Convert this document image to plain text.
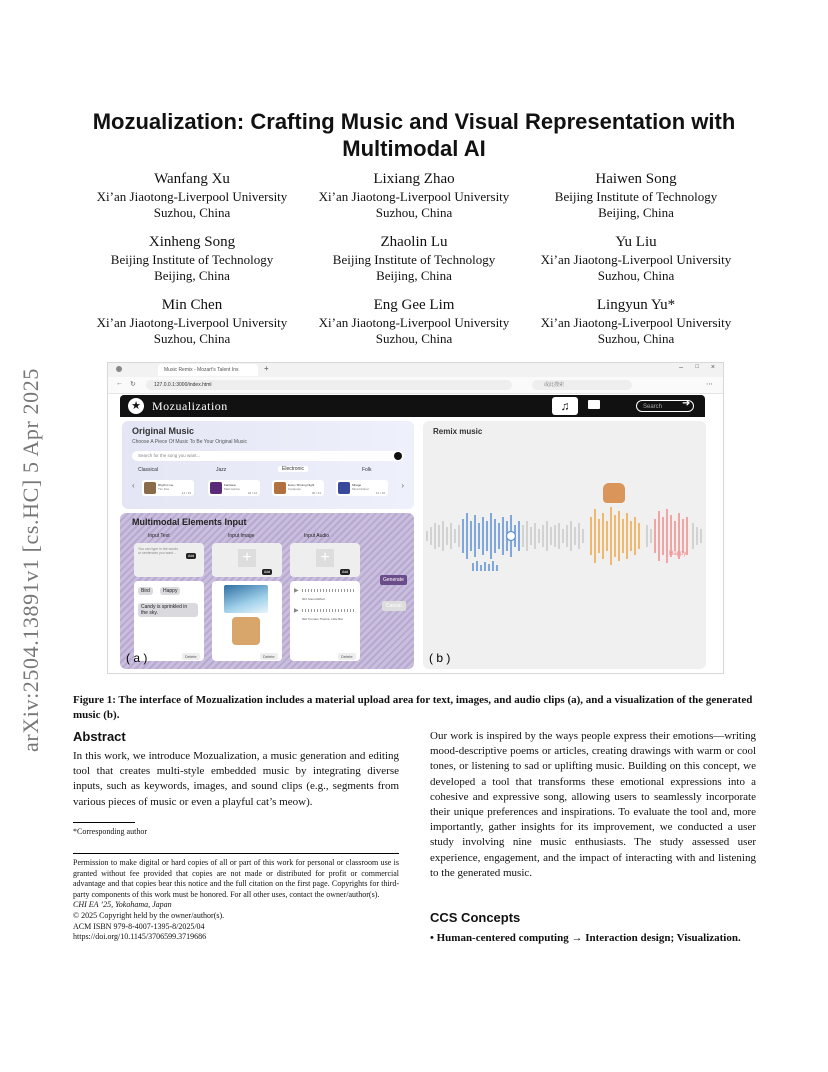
arXiv:2504.13891v1 [cs.HC] 5 Apr 2025
Mozualization: Crafting Music and Visual Representation with Multimodal AI
Wanfang Xu
Xi’an Jiaotong-Liverpool University
Suzhou, China
Lixiang Zhao
Xi’an Jiaotong-Liverpool University
Suzhou, China
Haiwen Song
Beijing Institute of Technology
Beijing, China
Xinheng Song
Beijing Institute of Technology
Beijing, China
Zhaolin Lu
Beijing Institute of Technology
Beijing, China
Yu Liu
Xi’an Jiaotong-Liverpool University
Suzhou, China
Min Chen
Xi’an Jiaotong-Liverpool University
Suzhou, China
Eng Gee Lim
Xi’an Jiaotong-Liverpool University
Suzhou, China
Lingyun Yu*
Xi’an Jiaotong-Liverpool University
Suzhou, China
Music Remix - Mozart's Talent Ins	+	– □ ×
← ↻	127.0.0.1:3000/index.html	或此搜索	⋯
★ Mozualization	♫	Search	➜
Original Music
Choose A Piece Of Music To Be Your Original Music
Search for the song you want...
Classical	Jazz	Electronic	Folk
‹	Rhythm me
Tim Dos
14 / 15
Fantasia
Matt Garcia
22 / 24
Every Shining Night
Caramelo
30 / 31
Mirage
Mina Dolinar
14 / 16
›
Multimodal Elements Input
Input Text	Input Image	Input Audio
You can type in the words or sentences you want...
Add	+
Add
+
Add
Bird	Happy
Candy is sprinkled in the sky.
Delete	Delete
▶
001 Sound Effect
▶
002 Turnoko Thelma, Little Bat
Delete
Generate
Cancel
( a )
Remix music
Happy
( b )
Figure 1: The interface of Mozualization includes a material upload area for text, images, and audio clips (a), and a visualization of the generated music (b).
Abstract
In this work, we introduce Mozualization, a music generation and editing tool that creates multi-style embedded music by integrating diverse inputs, such as keywords, images, and sound clips (e.g., segments from various pieces of music or even a playful cat’s meow).
Our work is inspired by the ways people express their emotions—writing mood-descriptive poems or articles, creating drawings with warm or cool tones, or listening to sad or uplifting music. Building on this concept, we developed a tool that transforms these emotional expressions into a cohesive and expressive song, allowing users to seamlessly incorporate their unique preferences and inspirations. To evaluate the tool and, more importantly, gather insights for its improvement, we conducted a user study involving nine music enthusiasts. The study assessed user experience, engagement, and the impact of interacting with and listening to the generated music.
*Corresponding author
Permission to make digital or hard copies of all or part of this work for personal or classroom use is granted without fee provided that copies are not made or distributed for profit or commercial advantage and that copies bear this notice and the full citation on the first page. Copyrights for third-party components of this work must be honored. For all other uses, contact the owner/author(s).
CHI EA ’25, Yokohama, Japan
© 2025 Copyright held by the owner/author(s).
ACM ISBN 979-8-4007-1395-8/2025/04
https://doi.org/10.1145/3706599.3719686
CCS Concepts
• Human-centered computing → Interaction design; Visualization.
